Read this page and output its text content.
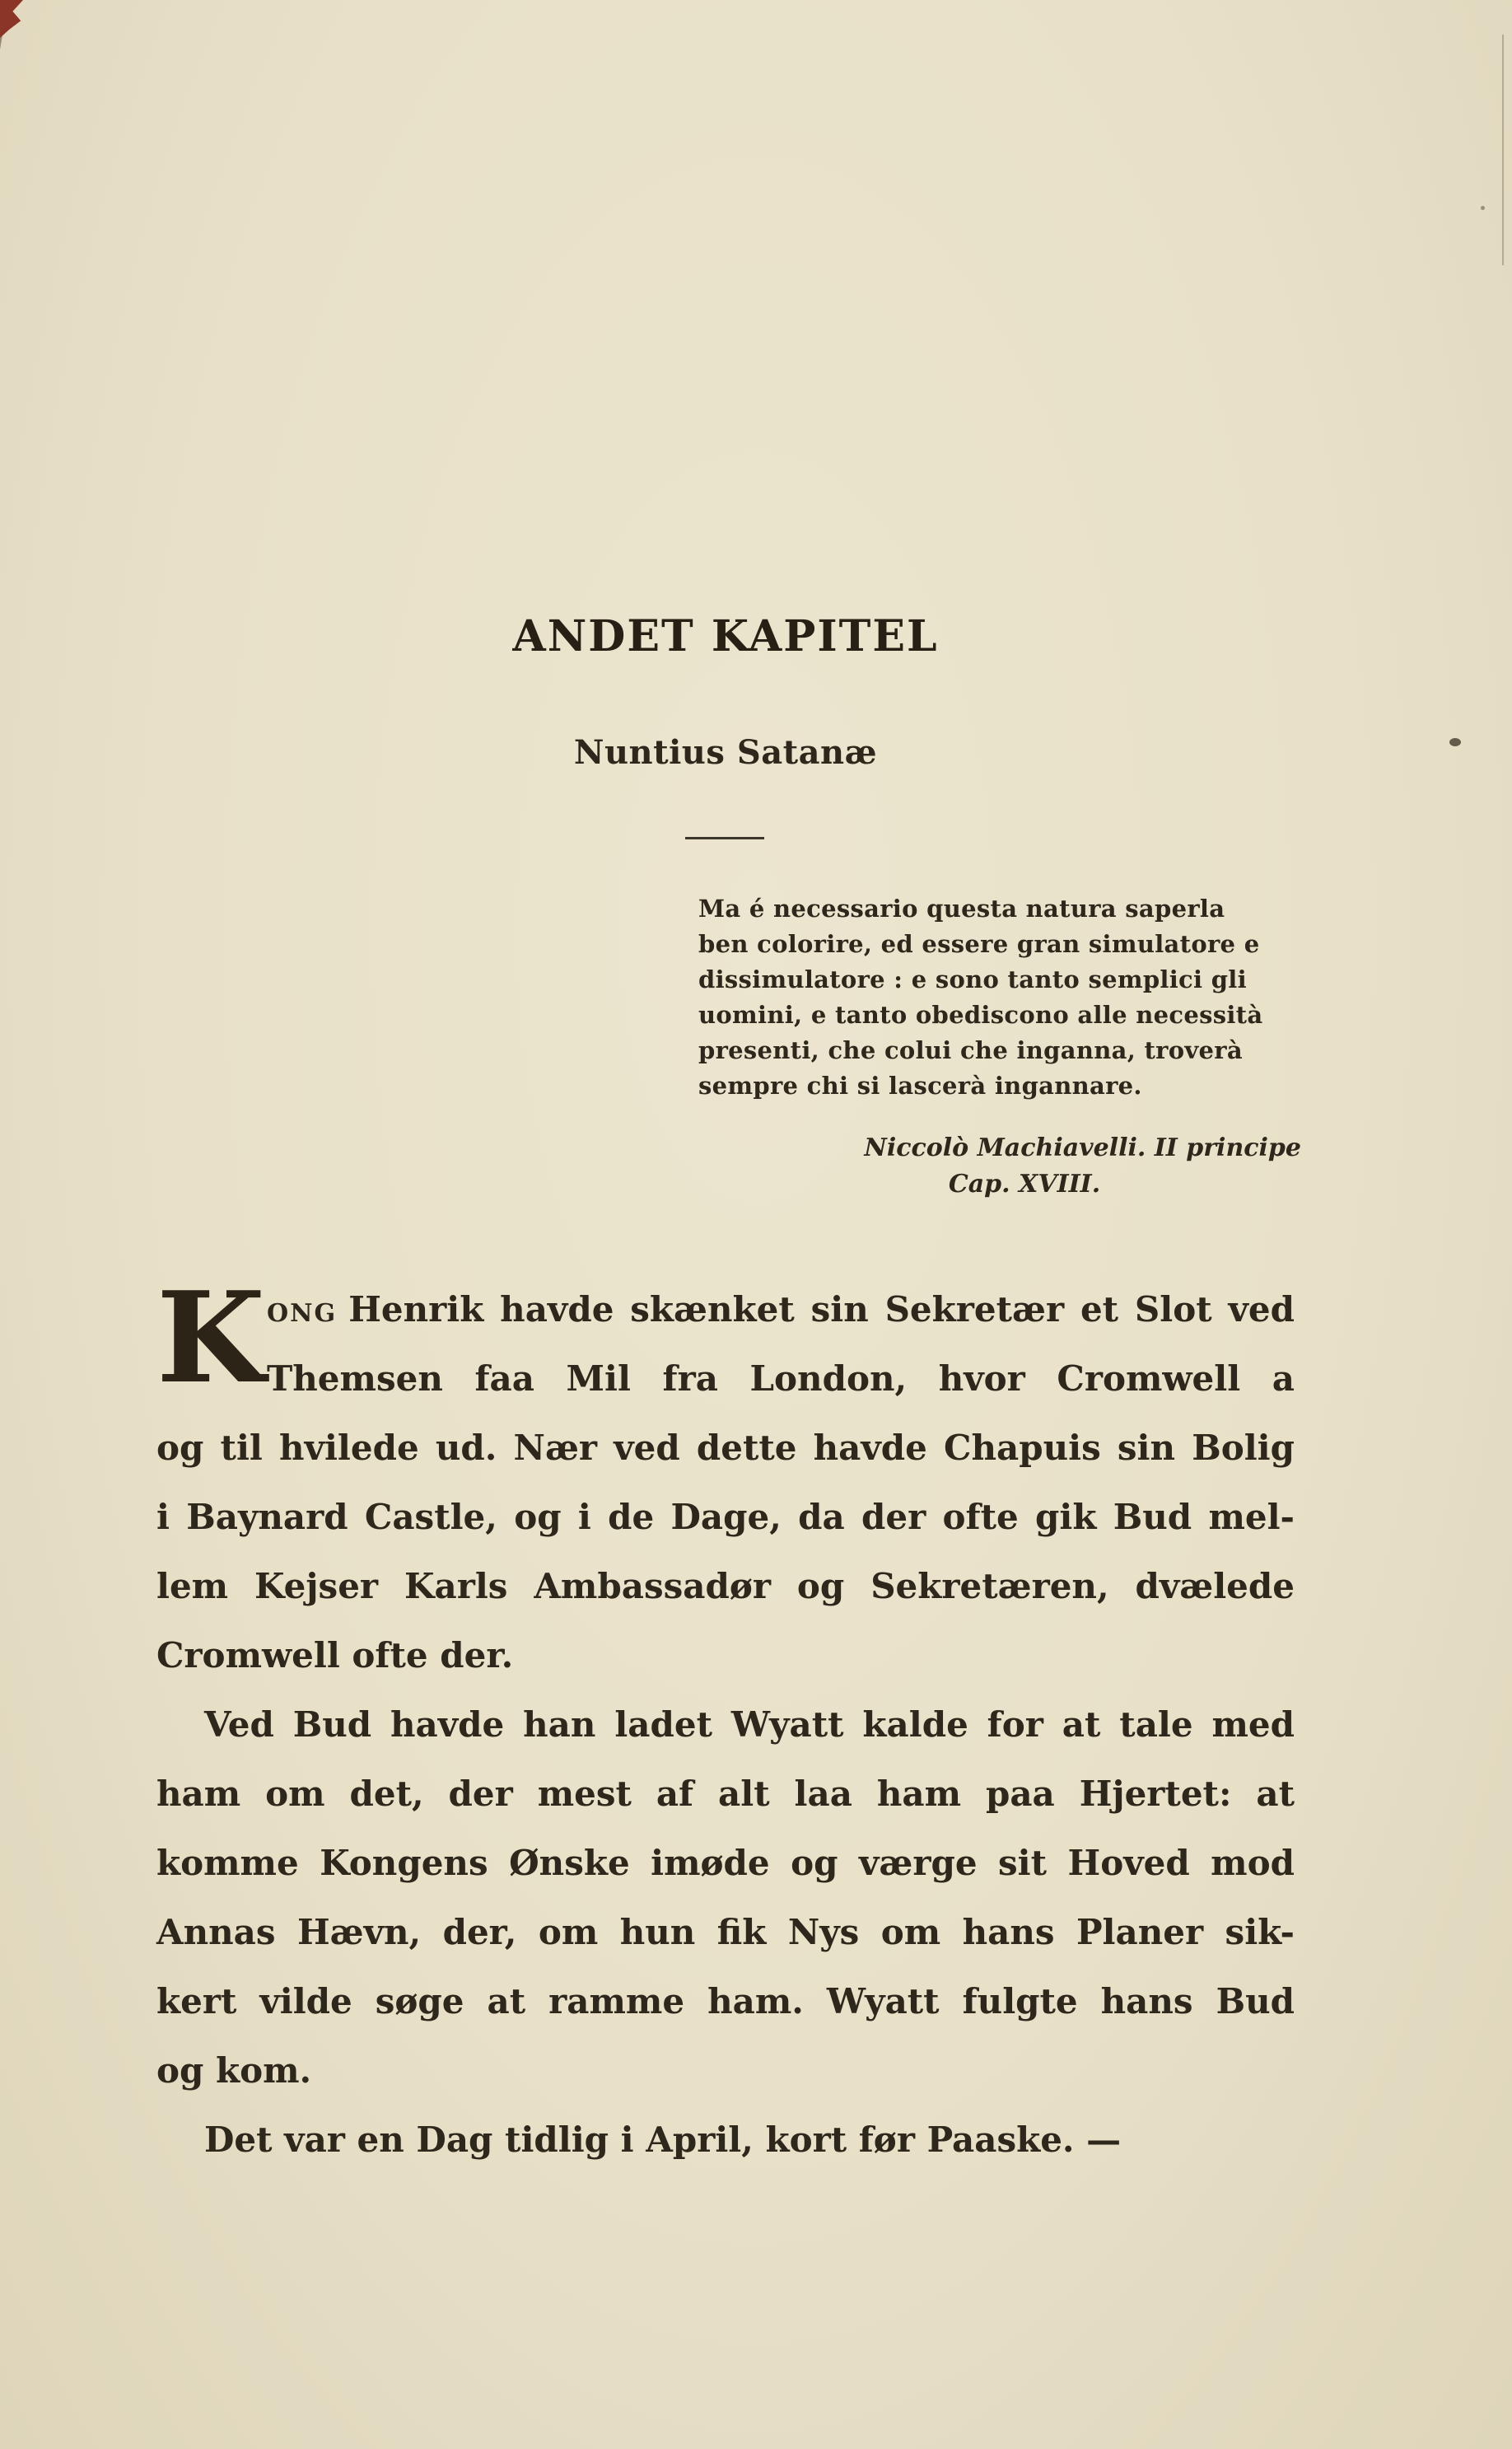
ANDET KAPITEL
Nuntius Satanæ
Ma é necessario questa natura saperla
ben colorire, ed essere gran simulatore e
dissimulatore : e sono tanto semplici gli
uomini, e tanto obediscono alle necessità
presenti, che colui che inganna, troverà
sempre chi si lascerà ingannare.
Niccolò Machiavelli. II principe
Cap. XVIII.
K ONG Henrik havde skænket sin Sekretær et Slot ved
Themsen faa Mil fra London, hvor Cromwell a
og til hvilede ud. Nær ved dette havde Chapuis sin Bolig
i Baynard Castle, og i de Dage, da der ofte gik Bud mel-
lem Kejser Karls Ambassadør og Sekretæren, dvælede
Cromwell ofte der.
Ved Bud havde han ladet Wyatt kalde for at tale med
ham om det, der mest af alt laa ham paa Hjertet: at
komme Kongens Ønske imøde og værge sit Hoved mod
Annas Hævn, der, om hun fik Nys om hans Planer sik-
kert vilde søge at ramme ham. Wyatt fulgte hans Bud
og kom.
Det var en Dag tidlig i April, kort før Paaske. —
